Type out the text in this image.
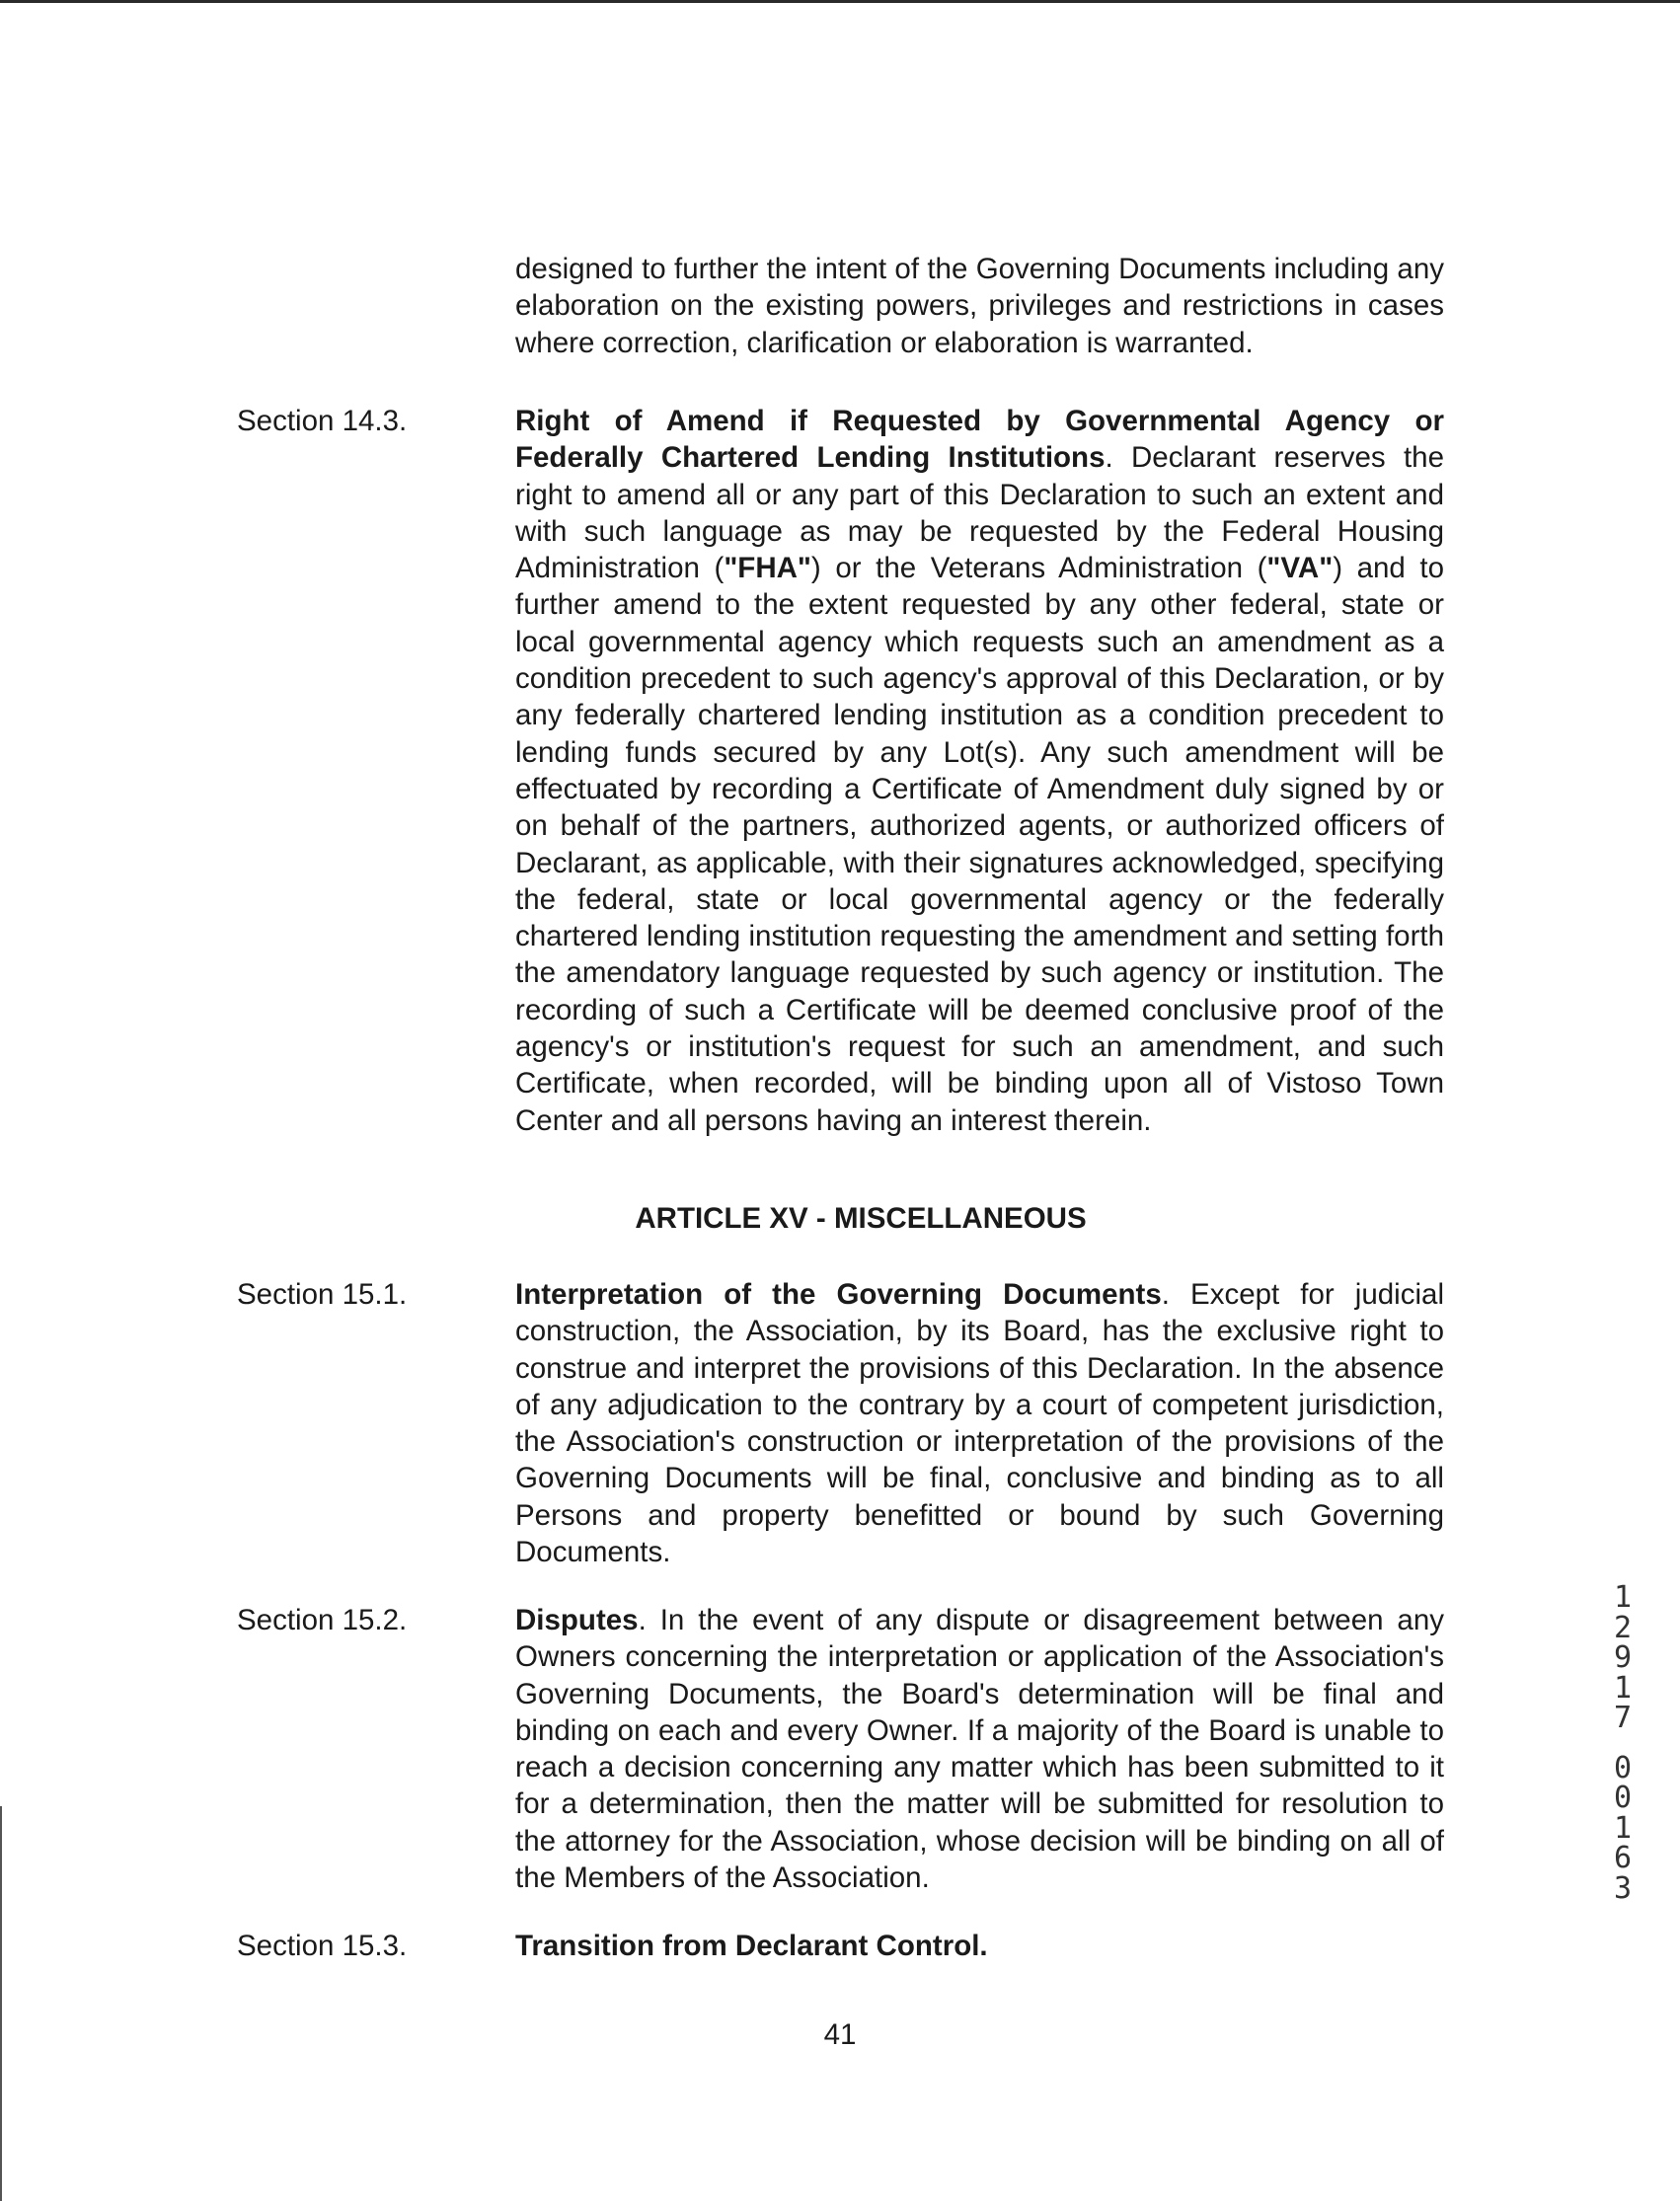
designed to further the intent of the Governing Documents including any elaboration on the existing powers, privileges and restrictions in cases where correction, clarification or elaboration is warranted.

Section 14.3.	Right of Amend if Requested by Governmental Agency or Federally Chartered Lending Institutions. Declarant reserves the right to amend all or any part of this Declaration to such an extent and with such language as may be requested by the Federal Housing Administration ("FHA") or the Veterans Administration ("VA") and to further amend to the extent requested by any other federal, state or local governmental agency which requests such an amendment as a condition precedent to such agency's approval of this Declaration, or by any federally chartered lending institution as a condition precedent to lending funds secured by any Lot(s). Any such amendment will be effectuated by recording a Certificate of Amendment duly signed by or on behalf of the partners, authorized agents, or authorized officers of Declarant, as applicable, with their signatures acknowledged, specifying the federal, state or local governmental agency or the federally chartered lending institution requesting the amendment and setting forth the amendatory language requested by such agency or institution. The recording of such a Certificate will be deemed conclusive proof of the agency's or institution's request for such an amendment, and such Certificate, when recorded, will be binding upon all of Vistoso Town Center and all persons having an interest therein.

ARTICLE XV - MISCELLANEOUS

Section 15.1.	Interpretation of the Governing Documents. Except for judicial construction, the Association, by its Board, has the exclusive right to construe and interpret the provisions of this Declaration. In the absence of any adjudication to the contrary by a court of competent jurisdiction, the Association's construction or interpretation of the provisions of the Governing Documents will be final, conclusive and binding as to all Persons and property benefitted or bound by such Governing Documents.

Section 15.2.	Disputes. In the event of any dispute or disagreement between any Owners concerning the interpretation or application of the Association's Governing Documents, the Board's determination will be final and binding on each and every Owner. If a majority of the Board is unable to reach a decision concerning any matter which has been submitted to it for a determination, then the matter will be submitted for resolution to the attorney for the Association, whose decision will be binding on all of the Members of the Association.

Section 15.3.	Transition from Declarant Control.

41

1
2
9
1
7
0
0
1
6
3
